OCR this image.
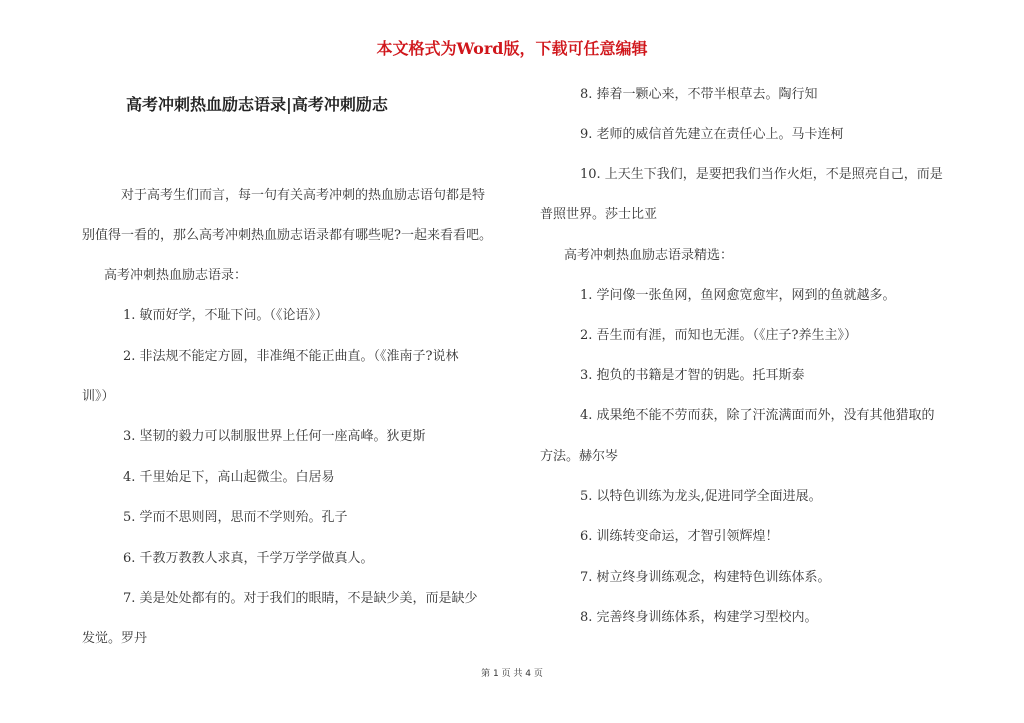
本文格式为Word版，下载可任意编辑
高考冲刺热血励志语录|高考冲刺励志
对于高考生们而言，每一句有关高考冲刺的热血励志语句都是特
别值得一看的，那么高考冲刺热血励志语录都有哪些呢?一起来看看吧。
高考冲刺热血励志语录：
1. 敏而好学，不耻下问。（《论语》）
2. 非法规不能定方圆，非准绳不能正曲直。（《淮南子?说林
训》）
3. 坚韧的毅力可以制服世界上任何一座高峰。狄更斯
4. 千里始足下，高山起微尘。白居易
5. 学而不思则罔，思而不学则殆。孔子
6. 千教万教教人求真，千学万学学做真人。
7. 美是处处都有的。对于我们的眼睛，不是缺少美，而是缺少
发觉。罗丹
8. 捧着一颗心来，不带半根草去。陶行知
9. 老师的威信首先建立在责任心上。马卡连柯
10. 上天生下我们，是要把我们当作火炬，不是照亮自己，而是
普照世界。莎士比亚
高考冲刺热血励志语录精选：
1. 学问像一张鱼网，鱼网愈宽愈牢，网到的鱼就越多。
2. 吾生而有涯，而知也无涯。（《庄子?养生主》）
3. 抱负的书籍是才智的钥匙。托耳斯泰
4. 成果绝不能不劳而获，除了汗流满面而外，没有其他猎取的
方法。赫尔岑
5. 以特色训练为龙头,促进同学全面进展。
6. 训练转变命运，才智引领辉煌！
7. 树立终身训练观念，构建特色训练体系。
8. 完善终身训练体系，构建学习型校内。
第 1 页 共 4 页
